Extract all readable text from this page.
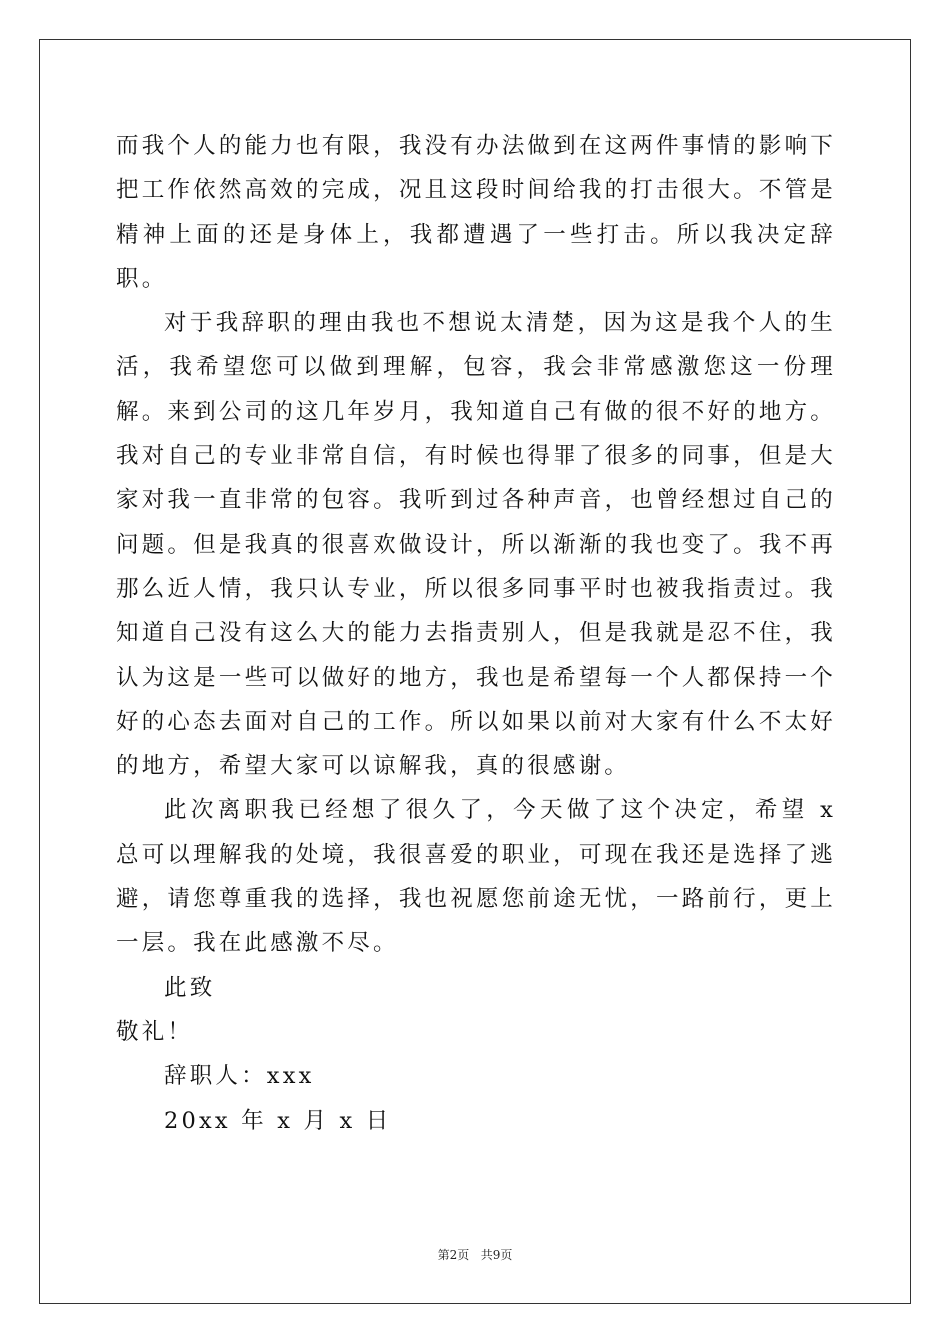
而我个人的能力也有限，我没有办法做到在这两件事情的影响下把工作依然高效的完成，况且这段时间给我的打击很大。不管是精神上面的还是身体上，我都遭遇了一些打击。所以我决定辞职。

对于我辞职的理由我也不想说太清楚，因为这是我个人的生活，我希望您可以做到理解，包容，我会非常感激您这一份理解。来到公司的这几年岁月，我知道自己有做的很不好的地方。我对自己的专业非常自信，有时候也得罪了很多的同事，但是大家对我一直非常的包容。我听到过各种声音，也曾经想过自己的问题。但是我真的很喜欢做设计，所以渐渐的我也变了。我不再那么近人情，我只认专业，所以很多同事平时也被我指责过。我知道自己没有这么大的能力去指责别人，但是我就是忍不住，我认为这是一些可以做好的地方，我也是希望每一个人都保持一个好的心态去面对自己的工作。所以如果以前对大家有什么不太好的地方，希望大家可以谅解我，真的很感谢。

此次离职我已经想了很久了，今天做了这个决定，希望 x 总可以理解我的处境，我很喜爱的职业，可现在我还是选择了逃避，请您尊重我的选择，我也祝愿您前途无忧，一路前行，更上一层。我在此感激不尽。

此致

敬礼！

辞职人：xxx

20xx 年 x 月 x 日

第2页 共9页
